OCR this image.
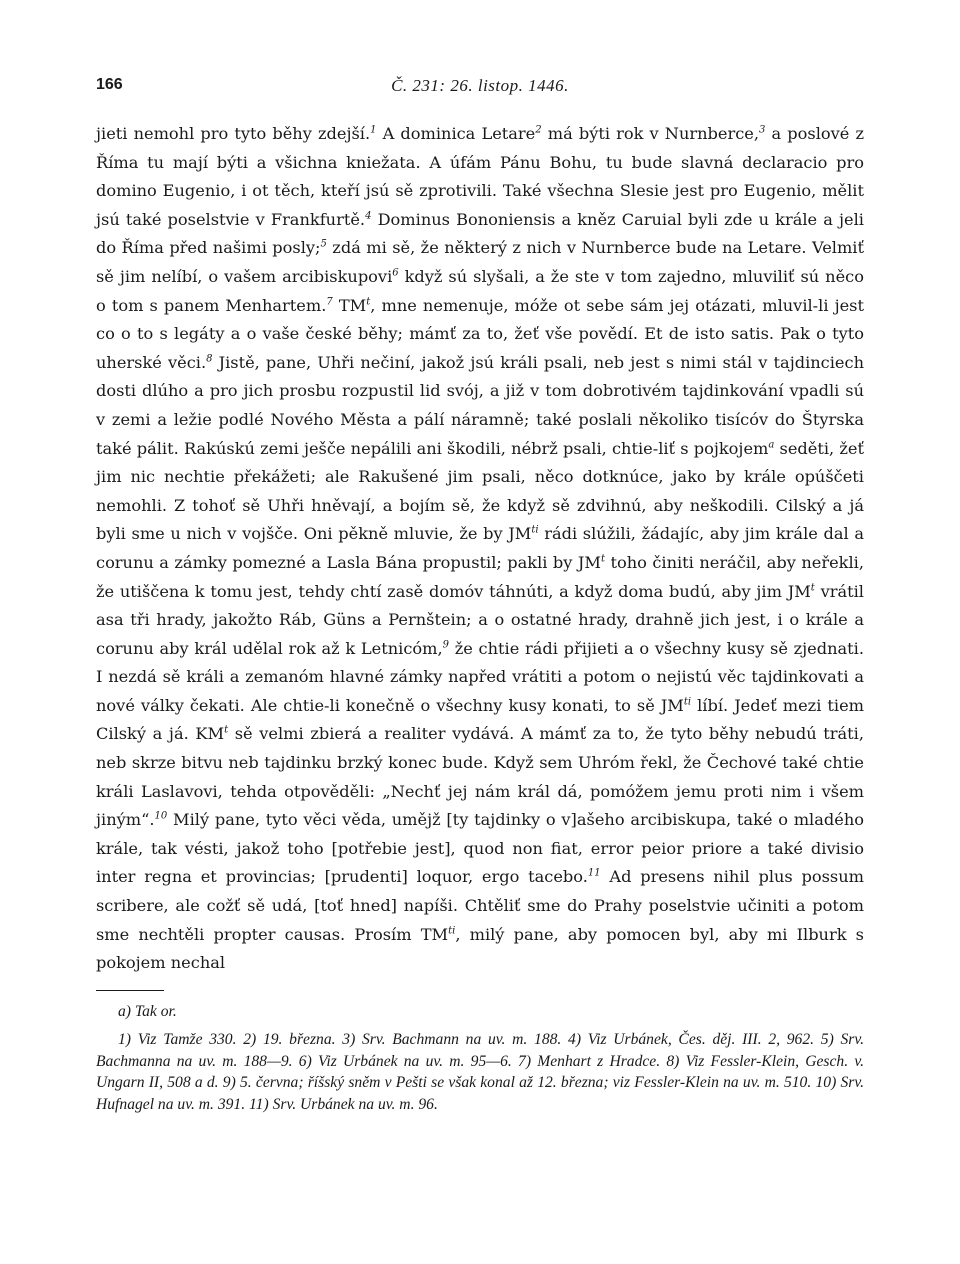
166	Č. 231: 26. listop. 1446.

jieti nemohl pro tyto běhy zdejší.$^1$ A dominica Letare$^2$ má býti rok v Nurnberce,$^3$ a poslové z Říma tu mají býti a všichna kniežata. A úfám Pánu Bohu, tu bude slavná declaracio pro domino Eugenio, i ot těch, kteří jsú sě zprotivili. Také všechna Slesie jest pro Eugenio, mělit jsú také poselstvie v Frankfurtě.$^4$ Dominus Bononiensis a kněz Caruial byli zde u krále a jeli do Říma před našimi posly;$^5$ zdá mi sě, že některý z nich v Nurnberce bude na Letare. Velmiť sě jim nelíbí, o vašem arcibiskupovi$^6$ když sú slyšali, a že ste v tom zajedno, mluviliť sú něco o tom s panem Menhartem.$^7$ $TM^t$, mne nemenuje, móže ot sebe sám jej otázati, mluvil-li jest co o to s legáty a o vaše české běhy; mámť za to, žeť vše povědí. Et de isto satis. Pak o tyto uherské věci.$^8$ Jistě, pane, Uhři nečiní, jakož jsú králi psali, neb jest s nimi stál v tajdinciech dosti dlúho a pro jich prosbu rozpustil lid svój, a již v tom dobrotivém tajdinkování vpadli sú v zemi a ležie podlé Nového Města a pálí náramně; také poslali několiko tisícóv do Štyrska také pálit. Rakúskú zemi ješče nepálili ani škodili, nébrž psali, chtie-liť s pojkojem$^a$ seděti, žeť jim nic nechtie překážeti; ale Rakušené jim psali, něco dotknúce, jako by krále opúščeti nemohli. Z tohoť sě Uhři hněvají, a bojím sě, že když sě zdvihnú, aby neškodili. Cilský a já byli sme u nich v vojšče. Oni pěkně mluvie, že by $JM^{ti}$ rádi slúžili, žádajíc, aby jim krále dal a corunu a zámky pomezné a Lasla Bána propustil; pakli by $JM^t$ toho činiti neráčil, aby neřekli, že utiščena k tomu jest, tehdy chtí zasě domóv táhnúti, a když doma budú, aby jim $JM^t$ vrátil asa tři hrady, jakožto Ráb, Güns a Pernštein; a o ostatné hrady, drahně jich jest, i o krále a corunu aby král udělal rok až k Letnicóm,$^9$ že chtie rádi přijieti a o všechny kusy sě zjednati. I nezdá sě králi a zemanóm hlavné zámky napřed vrátiti a potom o nejistú věc tajdinkovati a nové války čekati. Ale chtie-li konečně o všechny kusy konati, to sě $JM^{ti}$ líbí. Jedeť mezi tiem Cilský a já. $KM^t$ sě velmi zbierá a realiter vydává. A mámť za to, že tyto běhy nebudú tráti, neb skrze bitvu neb tajdinku brzký konec bude. Když sem Uhróm řekl, že Čechové také chtie králi Laslavovi, tehda otpověděli: „Nechť jej nám král dá, pomóžem jemu proti nim i všem jiným“.$^{10}$ Milý pane, tyto věci věda, umějž [ty tajdinky o v]ašeho arcibiskupa, také o mladého krále, tak vésti, jakož toho [potřebie jest], quod non fiat, error peior priore a také divisio inter regna et provincias; [prudenti] loquor, ergo tacebo.$^{11}$ Ad presens nihil plus possum scribere, ale cožť sě udá, [toť hned] napíši. Chtěliť sme do Prahy poselstvie učiniti a potom sme nechtěli propter causas. Prosím $TM^{ti}$, milý pane, aby pomocen byl, aby mi Ilburk s pokojem nechal

a) Tak or.
1) Viz Tamže 330. 2) 19. března. 3) Srv. Bachmann na uv. m. 188. 4) Viz Urbánek, Čes. děj. III. 2, 962. 5) Srv. Bachmanna na uv. m. 188—9. 6) Viz Urbánek na uv. m. 95—6. 7) Menhart z Hradce. 8) Viz Fessler-Klein, Gesch. v. Ungarn II, 508 a d. 9) 5. června; říšský sněm v Pešti se však konal až 12. března; viz Fessler-Klein na uv. m. 510. 10) Srv. Hufnagel na uv. m. 391. 11) Srv. Urbánek na uv. m. 96.
